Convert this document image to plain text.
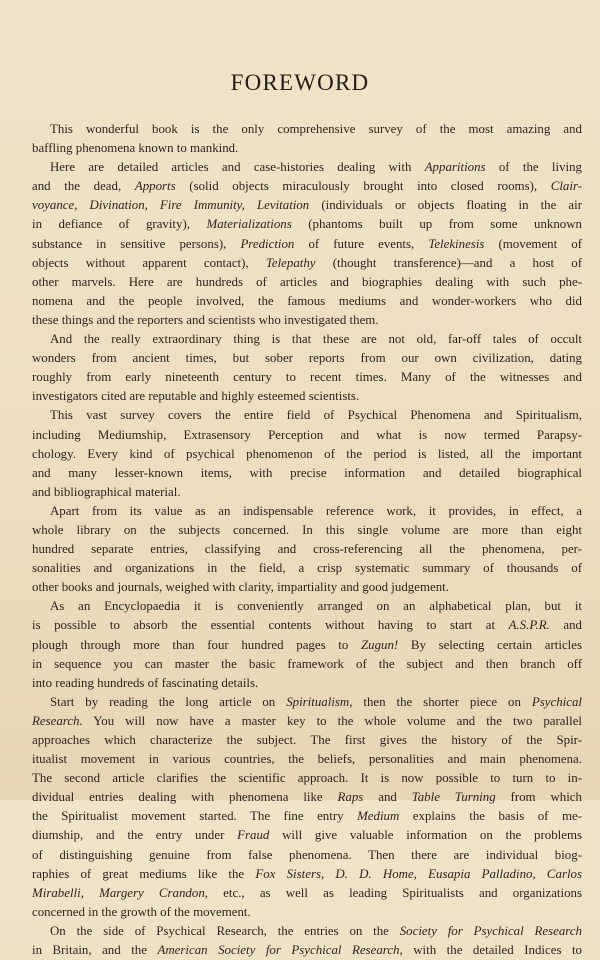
FOREWORD
This wonderful book is the only comprehensive survey of the most amazing and
baffling phenomena known to mankind.
Here are detailed articles and case-histories dealing with Apparitions of the living
and the dead, Apports (solid objects miraculously brought into closed rooms), Clair-
voyance, Divination, Fire Immunity, Levitation (individuals or objects floating in the air
in defiance of gravity), Materializations (phantoms built up from some unknown
substance in sensitive persons), Prediction of future events, Telekinesis (movement of
objects without apparent contact), Telepathy (thought transference)—and a host of
other marvels. Here are hundreds of articles and biographies dealing with such phe-
nomena and the people involved, the famous mediums and wonder-workers who did
these things and the reporters and scientists who investigated them.
And the really extraordinary thing is that these are not old, far-off tales of occult
wonders from ancient times, but sober reports from our own civilization, dating
roughly from early nineteenth century to recent times. Many of the witnesses and
investigators cited are reputable and highly esteemed scientists.
This vast survey covers the entire field of Psychical Phenomena and Spiritualism,
including Mediumship, Extrasensory Perception and what is now termed Parapsy-
chology. Every kind of psychical phenomenon of the period is listed, all the important
and many lesser-known items, with precise information and detailed biographical
and bibliographical material.
Apart from its value as an indispensable reference work, it provides, in effect, a
whole library on the subjects concerned. In this single volume are more than eight
hundred separate entries, classifying and cross-referencing all the phenomena, per-
sonalities and organizations in the field, a crisp systematic summary of thousands of
other books and journals, weighed with clarity, impartiality and good judgement.
As an Encyclopaedia it is conveniently arranged on an alphabetical plan, but it
is possible to absorb the essential contents without having to start at A.S.P.R. and
plough through more than four hundred pages to Zugun! By selecting certain articles
in sequence you can master the basic framework of the subject and then branch off
into reading hundreds of fascinating details.
Start by reading the long article on Spiritualism, then the shorter piece on Psychical
Research. You will now have a master key to the whole volume and the two parallel
approaches which characterize the subject. The first gives the history of the Spir-
itualist movement in various countries, the beliefs, personalities and main phenomena.
The second article clarifies the scientific approach. It is now possible to turn to in-
dividual entries dealing with phenomena like Raps and Table Turning from which
the Spiritualist movement started. The fine entry Medium explains the basis of me-
diumship, and the entry under Fraud will give valuable information on the problems
of distinguishing genuine from false phenomena. Then there are individual biog-
raphies of great mediums like the Fox Sisters, D. D. Home, Eusapia Palladino, Carlos
Mirabelli, Margery Crandon, etc., as well as leading Spiritualists and organizations
concerned in the growth of the movement.
On the side of Psychical Research, the entries on the Society for Psychical Research
in Britain, and the American Society for Psychical Research, with the detailed Indices to
